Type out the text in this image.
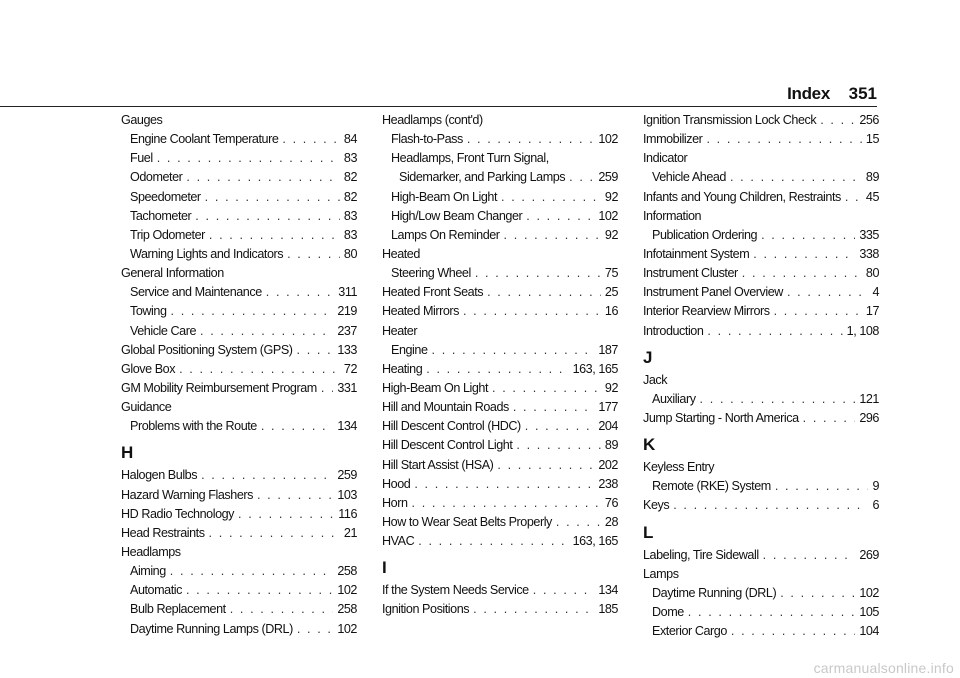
Index 351
Gauges
Engine Coolant Temperature . . .	84
Fuel . . .	83
Odometer . . .	82
Speedometer . . .	82
Tachometer . . .	83
Trip Odometer . . .	83
Warning Lights and Indicators . . .	80
General Information
Service and Maintenance . . .	311
Towing . . .	219
Vehicle Care . . .	237
Global Positioning System (GPS) . . .	133
Glove Box . . .	72
GM Mobility Reimbursement Program . . . 331
Guidance
Problems with the Route . . .	134
H
Halogen Bulbs . . .	259
Hazard Warning Flashers . . .	103
HD Radio Technology . . .	116
Head Restraints . . .	21
Headlamps
Aiming . . .	258
Automatic . . .	102
Bulb Replacement . . .	258
Daytime Running Lamps (DRL) . . .	102
Headlamps (cont'd)
Flash-to-Pass . . .	102
Headlamps, Front Turn Signal,
Sidemarker, and Parking Lamps . . .	259
High-Beam On Light . . .	92
High/Low Beam Changer . . .	102
Lamps On Reminder . . .	92
Heated
Steering Wheel . . .	75
Heated Front Seats . . .	25
Heated Mirrors . . .	16
Heater
Engine . . .	187
Heating . . .	163, 165
High-Beam On Light . . .	92
Hill and Mountain Roads . . .	177
Hill Descent Control (HDC) . . .	204
Hill Descent Control Light . . .	89
Hill Start Assist (HSA) . . .	202
Hood . . .	238
Horn . . .	76
How to Wear Seat Belts Properly . . .	28
HVAC . . .	163, 165
I
If the System Needs Service . . .	134
Ignition Positions . . .	185
Ignition Transmission Lock Check . . .	256
Immobilizer . . .	15
Indicator
Vehicle Ahead . . .	89
Infants and Young Children, Restraints . . . 45
Information
Publication Ordering . . .	335
Infotainment System . . .	338
Instrument Cluster . . .	80
Instrument Panel Overview . . .	4
Interior Rearview Mirrors . . .	17
Introduction . . .	1, 108
J
Jack
Auxiliary . . .	121
Jump Starting - North America . . .	296
K
Keyless Entry
Remote (RKE) System . . .	9
Keys . . .	6
L
Labeling, Tire Sidewall . . .	269
Lamps
Daytime Running (DRL) . . .	102
Dome . . .	105
Exterior Cargo . . .	104
carmanualsonline.info
